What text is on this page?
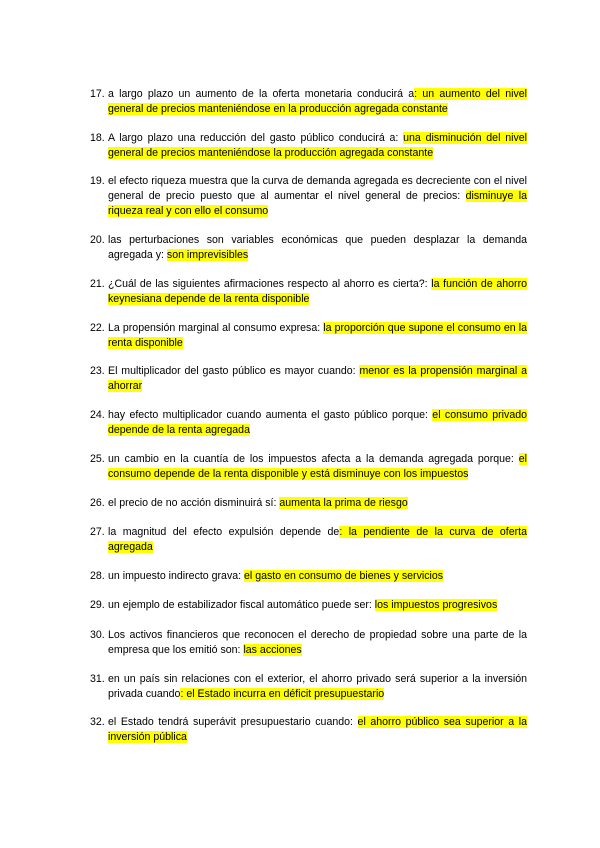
17. a largo plazo un aumento de la oferta monetaria conducirá a: un aumento del nivel general de precios manteniéndose en la producción agregada constante
18. A largo plazo una reducción del gasto público conducirá a: una disminución del nivel general de precios manteniéndose la producción agregada constante
19. el efecto riqueza muestra que la curva de demanda agregada es decreciente con el nivel general de precio puesto que al aumentar el nivel general de precios: disminuye la riqueza real y con ello el consumo
20. las perturbaciones son variables económicas que pueden desplazar la demanda agregada y: son imprevisibles
21. ¿Cuál de las siguientes afirmaciones respecto al ahorro es cierta?: la función de ahorro keynesiana depende de la renta disponible
22. La propensión marginal al consumo expresa: la proporción que supone el consumo en la renta disponible
23. El multiplicador del gasto público es mayor cuando: menor es la propensión marginal a ahorrar
24. hay efecto multiplicador cuando aumenta el gasto público porque: el consumo privado depende de la renta agregada
25. un cambio en la cuantía de los impuestos afecta a la demanda agregada porque: el consumo depende de la renta disponible y está disminuye con los impuestos
26. el precio de no acción disminuirá sí: aumenta la prima de riesgo
27. la magnitud del efecto expulsión depende de: la pendiente de la curva de oferta agregada
28. un impuesto indirecto grava: el gasto en consumo de bienes y servicios
29. un ejemplo de estabilizador fiscal automático puede ser: los impuestos progresivos
30. Los activos financieros que reconocen el derecho de propiedad sobre una parte de la empresa que los emitió son: las acciones
31. en un país sin relaciones con el exterior, el ahorro privado será superior a la inversión privada cuando: el Estado incurra en déficit presupuestario
32. el Estado tendrá superávit presupuestario cuando: el ahorro público sea superior a la inversión pública
